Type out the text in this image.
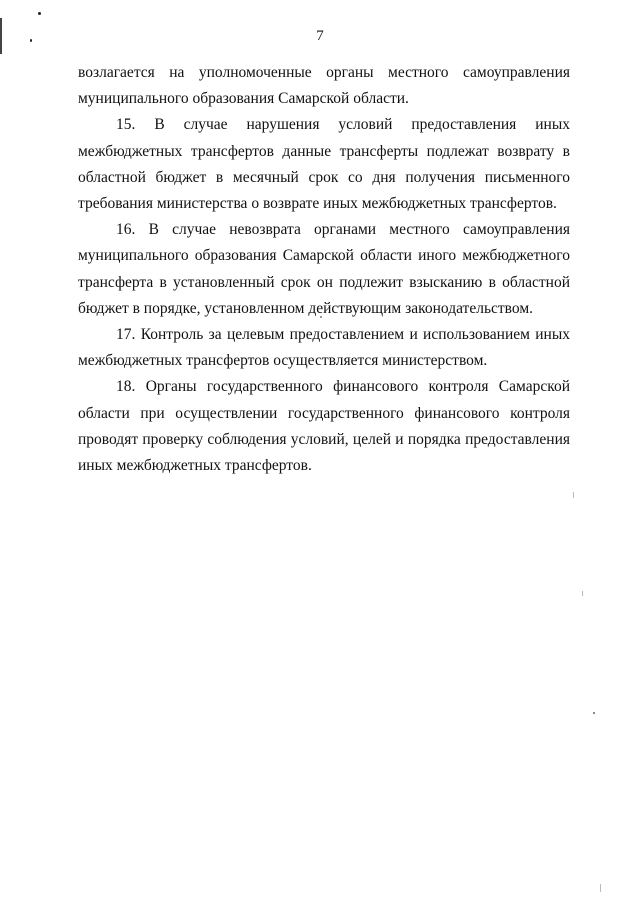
7

возлагается на уполномоченные органы местного самоуправления муниципального образования Самарской области.

15. В случае нарушения условий предоставления иных межбюджетных трансфертов данные трансферты подлежат возврату в областной бюджет в месячный срок со дня получения письменного требования министерства о возврате иных межбюджетных трансфертов.

16. В случае невозврата органами местного самоуправления муниципального образования Самарской области иного межбюджетного трансферта в установленный срок он подлежит взысканию в областной бюджет в порядке, установленном действующим законодательством.

17. Контроль за целевым предоставлением и использованием иных межбюджетных трансфертов осуществляется министерством.

18. Органы государственного финансового контроля Самарской области при осуществлении государственного финансового контроля проводят проверку соблюдения условий, целей и порядка предоставления иных межбюджетных трансфертов.
